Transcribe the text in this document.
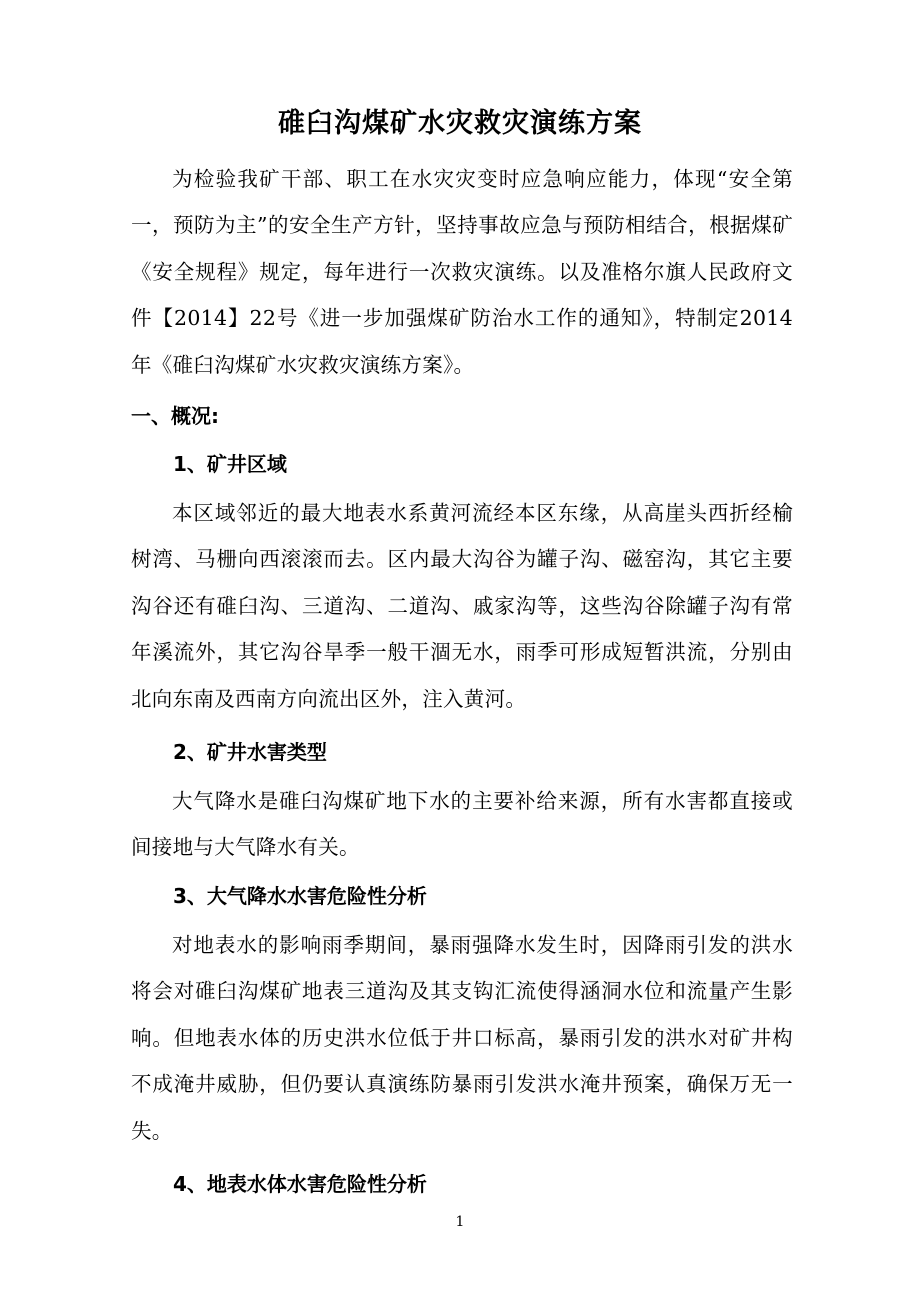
碓臼沟煤矿水灾救灾演练方案
为检验我矿干部、职工在水灾灾变时应急响应能力，体现“安全第一，预防为主”的安全生产方针，坚持事故应急与预防相结合，根据煤矿《安全规程》规定，每年进行一次救灾演练。以及准格尔旗人民政府文件【2014】22号《进一步加强煤矿防治水工作的通知》，特制定2014年《碓臼沟煤矿水灾救灾演练方案》。
一、概况:
1、矿井区域
本区域邻近的最大地表水系黄河流经本区东缘，从高崖头西折经榆树湾、马栅向西滚滚而去。区内最大沟谷为罐子沟、磁窑沟，其它主要沟谷还有碓臼沟、三道沟、二道沟、戚家沟等，这些沟谷除罐子沟有常年溪流外，其它沟谷旱季一般干涸无水，雨季可形成短暂洪流，分别由北向东南及西南方向流出区外，注入黄河。
2、矿井水害类型
大气降水是碓臼沟煤矿地下水的主要补给来源，所有水害都直接或间接地与大气降水有关。
3、大气降水水害危险性分析
对地表水的影响雨季期间，暴雨强降水发生时，因降雨引发的洪水将会对碓臼沟煤矿地表三道沟及其支钩汇流使得涵洞水位和流量产生影响。但地表水体的历史洪水位低于井口标高，暴雨引发的洪水对矿井构不成淹井威胁，但仍要认真演练防暴雨引发洪水淹井预案，确保万无一失。
4、地表水体水害危险性分析
1
